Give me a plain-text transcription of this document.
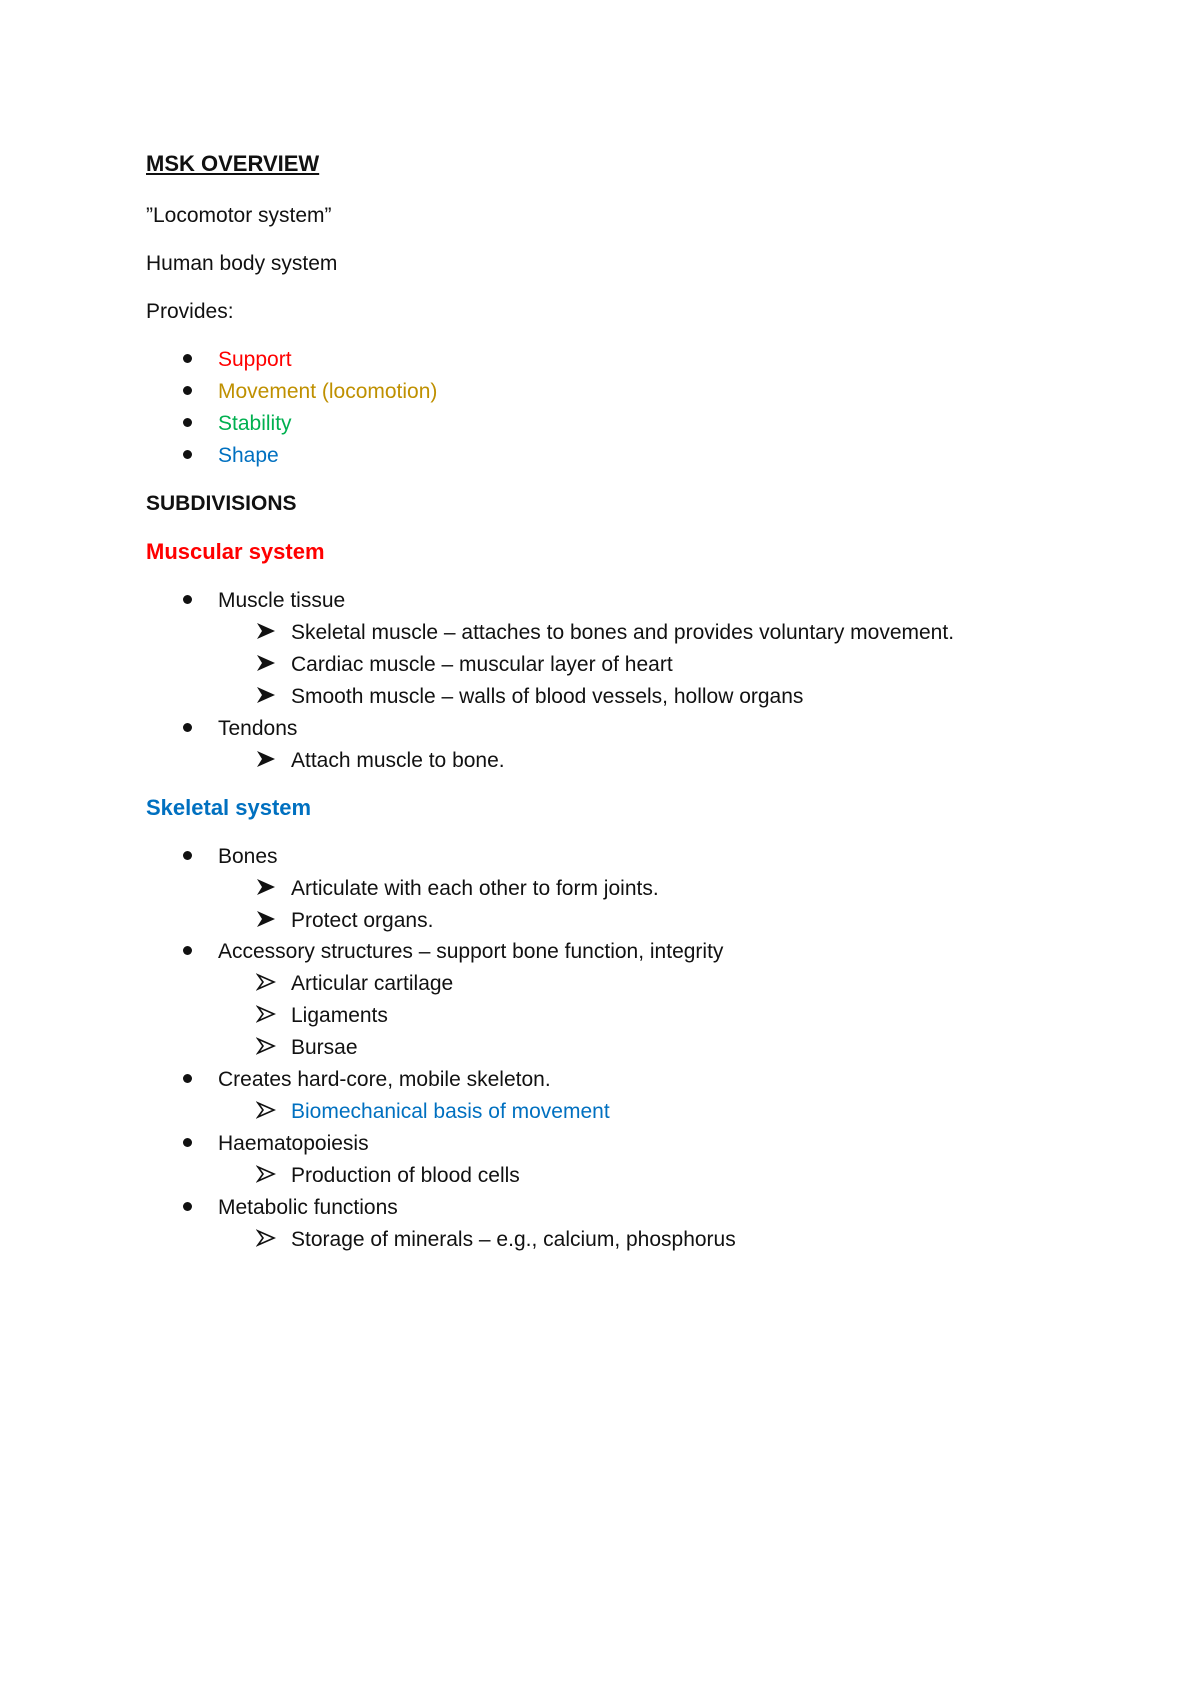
MSK OVERVIEW
”Locomotor system”
Human body system
Provides:
Support
Movement (locomotion)
Stability
Shape
SUBDIVISIONS
Muscular system
Muscle tissue
Skeletal muscle – attaches to bones and provides voluntary movement.
Cardiac muscle – muscular layer of heart
Smooth muscle – walls of blood vessels, hollow organs
Tendons
Attach muscle to bone.
Skeletal system
Bones
Articulate with each other to form joints.
Protect organs.
Accessory structures – support bone function, integrity
Articular cartilage
Ligaments
Bursae
Creates hard-core, mobile skeleton.
Biomechanical basis of movement
Haematopoiesis
Production of blood cells
Metabolic functions
Storage of minerals – e.g., calcium, phosphorus
